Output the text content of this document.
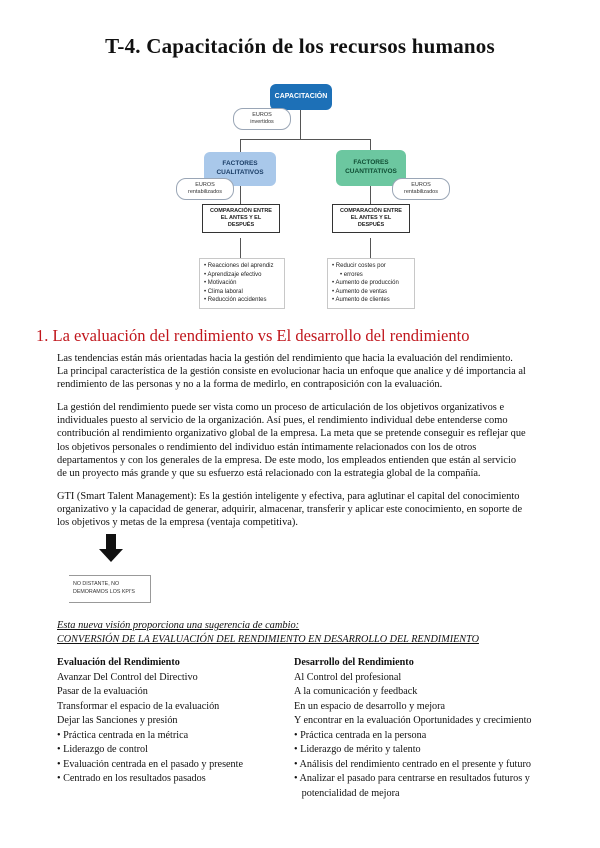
T-4. Capacitación de los recursos humanos
CAPACITACIÓN
EUROS
invertidos
FACTORES
CUALITATIVOS
FACTORES
CUANTITATIVOS
EUROS
rentabilizados
EUROS
rentabilizados
COMPARACIÓN ENTRE
EL ANTES Y EL
DESPUÉS
COMPARACIÓN ENTRE
EL ANTES Y EL
DESPUÉS
• Reacciones del aprendiz
• Aprendizaje efectivo
• Motivación
• Clima laboral
• Reducción accidentes
• Reducir costes por
• errores
• Aumento de producción
• Aumento de ventas
• Aumento de clientes
1. La evaluación del rendimiento vs El desarrollo del rendimiento
Las tendencias están más orientadas hacia la gestión del rendimiento que hacia la evaluación del rendimiento.
La principal característica de la gestión consiste en evolucionar hacia un enfoque que analice y dé importancia al
rendimiento de las personas y no a la forma de medirlo, en contraposición con la evaluación.
La gestión del rendimiento puede ser vista como un proceso de articulación de los objetivos organizativos e
individuales puesto al servicio de la organización. Así pues, el rendimiento individual debe entenderse como
contribución al rendimiento organizativo global de la empresa. La meta que se pretende conseguir es reflejar que
los objetivos personales o rendimiento del individuo están íntimamente relacionados con los de otros
departamentos y con los generales de la empresa. De este modo, los empleados entienden que están al servicio
de un proyecto más grande y que su esfuerzo está relacionado con la estrategia global de la compañía.
GTI (Smart Talent Management): Es la gestión inteligente y efectiva, para aglutinar el capital del conocimiento
organizativo y la capacidad de generar, adquirir, almacenar, transferir y aplicar este conocimiento, en soporte de
los objetivos y metas de la empresa (ventaja competitiva).
NO DISTANTE, NO
DEMORAMOS LOS KPI'S
Esta nueva visión proporciona una sugerencia de cambio:
CONVERSIÓN DE LA EVALUACIÓN DEL RENDIMIENTO EN DESARROLLO DEL RENDIMIENTO
Evaluación del Rendimiento
Avanzar Del Control del Directivo
Pasar de la evaluación
Transformar el espacio de la evaluación
Dejar las Sanciones y presión
• Práctica centrada en la métrica
• Liderazgo de control
• Evaluación centrada en el pasado y presente
• Centrado en los resultados pasados
Desarrollo del Rendimiento
Al Control del profesional
A la comunicación y feedback
En un espacio de desarrollo y mejora
Y encontrar en la evaluación Oportunidades y crecimiento
• Práctica centrada en la persona
• Liderazgo de mérito y talento
• Análisis del rendimiento centrado en el presente y futuro
• Analizar el pasado para centrarse en resultados futuros y
potencialidad de mejora
